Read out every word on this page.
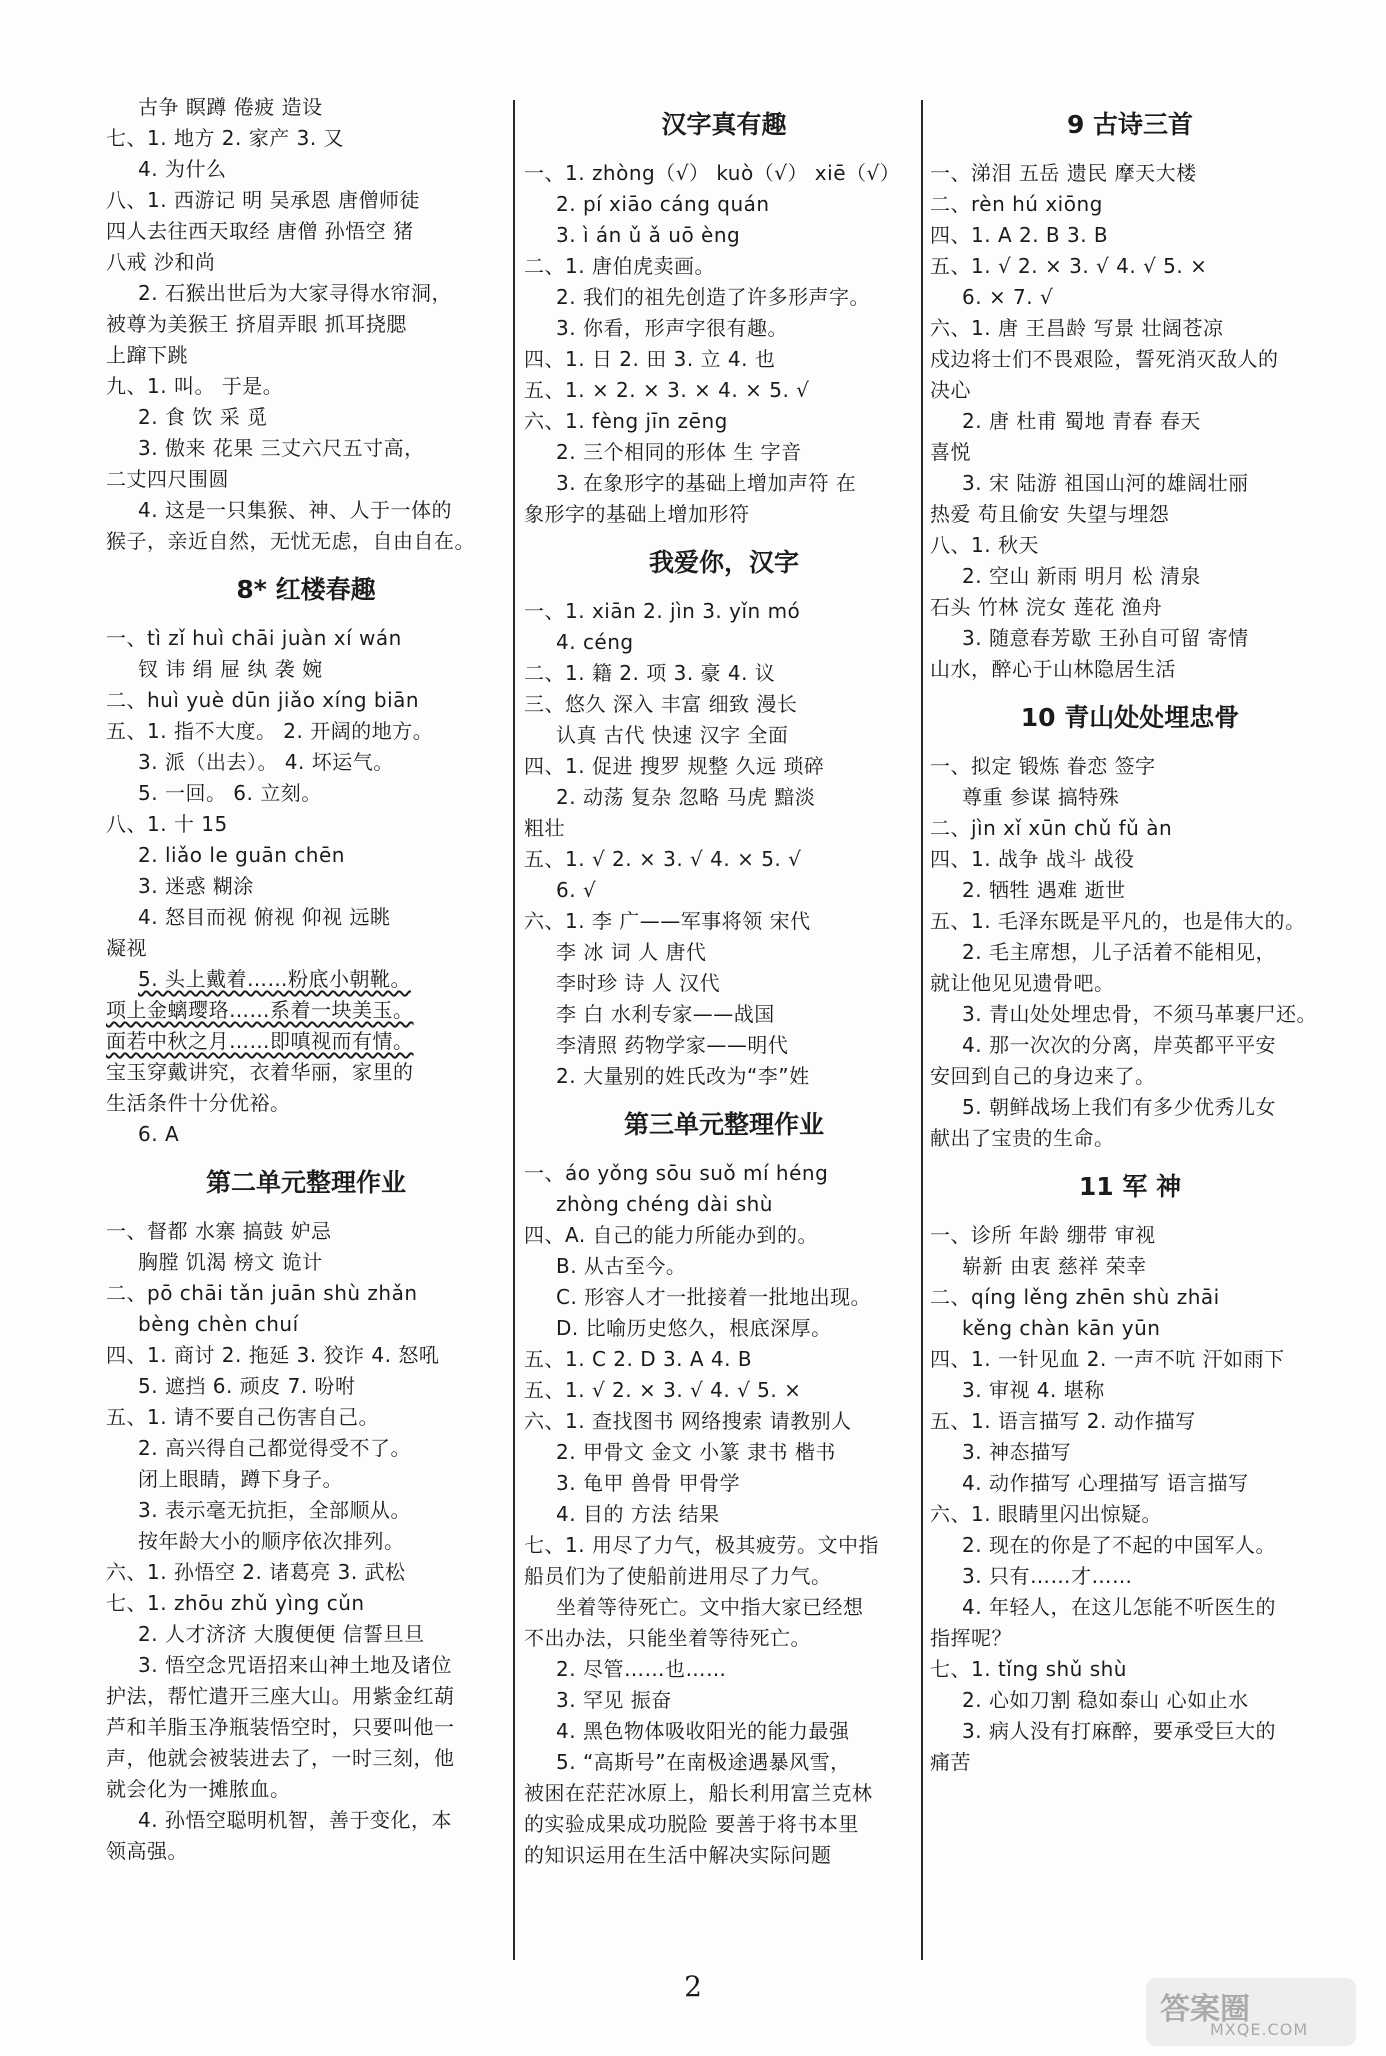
古争 瞑蹲 倦疲 造设
七、1. 地方 2. 家产 3. 又
4. 为什么
八、1. 西游记 明 吴承恩 唐僧师徒
四人去往西天取经 唐僧 孙悟空 猪
八戒 沙和尚
2. 石猴出世后为大家寻得水帘洞，
被尊为美猴王 挤眉弄眼 抓耳挠腮
上蹿下跳
九、1. 叫。 于是。
2. 食 饮 采 觅
3. 傲来 花果 三丈六尺五寸高，
二丈四尺围圆
4. 这是一只集猴、神、人于一体的
猴子，亲近自然，无忧无虑，自由自在。
8* 红楼春趣
一、tì zǐ huì chāi juàn xí wán
钗 讳 绢 屉 纨 袭 婉
二、huì yuè dūn jiǎo xíng biān
五、1. 指不大度。 2. 开阔的地方。
3. 派（出去）。 4. 坏运气。
5. 一回。 6. 立刻。
八、1. 十 15
2. liǎo le guān chēn
3. 迷惑 糊涂
4. 怒目而视 俯视 仰视 远眺
凝视
5. 头上戴着……粉底小朝靴。
项上金螭璎珞……系着一块美玉。
面若中秋之月……即嗔视而有情。
宝玉穿戴讲究，衣着华丽，家里的
生活条件十分优裕。
6. A
第二单元整理作业
一、督都 水寨 搞鼓 妒忌
胸膛 饥渴 榜文 诡计
二、pō chāi tǎn juān shù zhǎn
bèng chèn chuí
四、1. 商讨 2. 拖延 3. 狡诈 4. 怒吼
5. 遮挡 6. 顽皮 7. 吩咐
五、1. 请不要自己伤害自己。
2. 高兴得自己都觉得受不了。
闭上眼睛，蹲下身子。
3. 表示毫无抗拒，全部顺从。
按年龄大小的顺序依次排列。
六、1. 孙悟空 2. 诸葛亮 3. 武松
七、1. zhōu zhǔ yìng cǔn
2. 人才济济 大腹便便 信誓旦旦
3. 悟空念咒语招来山神土地及诸位
护法，帮忙遣开三座大山。用紫金红葫
芦和羊脂玉净瓶装悟空时，只要叫他一
声，他就会被装进去了，一时三刻，他
就会化为一摊脓血。
4. 孙悟空聪明机智，善于变化，本
领高强。
汉字真有趣
一、1. zhòng（√） kuò（√） xiē（√）
2. pí xiāo cáng quán
3. ì án ǔ ǎ uō èng
二、1. 唐伯虎卖画。
2. 我们的祖先创造了许多形声字。
3. 你看，形声字很有趣。
四、1. 日 2. 田 3. 立 4. 也
五、1. × 2. × 3. × 4. × 5. √
六、1. fèng jīn zēng
2. 三个相同的形体 生 字音
3. 在象形字的基础上增加声符 在
象形字的基础上增加形符
我爱你，汉字
一、1. xiān 2. jìn 3. yǐn mó
4. céng
二、1. 籍 2. 项 3. 豪 4. 议
三、悠久 深入 丰富 细致 漫长
认真 古代 快速 汉字 全面
四、1. 促进 搜罗 规整 久远 琐碎
2. 动荡 复杂 忽略 马虎 黯淡
粗壮
五、1. √ 2. × 3. √ 4. × 5. √
6. √
六、1. 李 广——军事将领 宋代
李 冰 词 人 唐代
李时珍 诗 人 汉代
李 白 水利专家——战国
李清照 药物学家——明代
2. 大量别的姓氏改为“李”姓
第三单元整理作业
一、áo yǒng sōu suǒ mí héng
zhòng chéng dài shù
四、A. 自己的能力所能办到的。
B. 从古至今。
C. 形容人才一批接着一批地出现。
D. 比喻历史悠久，根底深厚。
五、1. C 2. D 3. A 4. B
五、1. √ 2. × 3. √ 4. √ 5. ×
六、1. 查找图书 网络搜索 请教别人
2. 甲骨文 金文 小篆 隶书 楷书
3. 龟甲 兽骨 甲骨学
4. 目的 方法 结果
七、1. 用尽了力气，极其疲劳。文中指
船员们为了使船前进用尽了力气。
坐着等待死亡。文中指大家已经想
不出办法，只能坐着等待死亡。
2. 尽管……也……
3. 罕见 振奋
4. 黑色物体吸收阳光的能力最强
5. “高斯号”在南极途遇暴风雪，
被困在茫茫冰原上，船长利用富兰克林
的实验成果成功脱险 要善于将书本里
的知识运用在生活中解决实际问题
9 古诗三首
一、涕泪 五岳 遗民 摩天大楼
二、rèn hú xiōng
四、1. A 2. B 3. B
五、1. √ 2. × 3. √ 4. √ 5. ×
6. × 7. √
六、1. 唐 王昌龄 写景 壮阔苍凉
戍边将士们不畏艰险，誓死消灭敌人的
决心
2. 唐 杜甫 蜀地 青春 春天
喜悦
3. 宋 陆游 祖国山河的雄阔壮丽
热爱 苟且偷安 失望与埋怨
八、1. 秋天
2. 空山 新雨 明月 松 清泉
石头 竹林 浣女 莲花 渔舟
3. 随意春芳歇 王孙自可留 寄情
山水，醉心于山林隐居生活
10 青山处处埋忠骨
一、拟定 锻炼 眷恋 签字
尊重 参谋 搞特殊
二、jìn xǐ xūn chǔ fǔ àn
四、1. 战争 战斗 战役
2. 牺牲 遇难 逝世
五、1. 毛泽东既是平凡的，也是伟大的。
2. 毛主席想，儿子活着不能相见，
就让他见见遗骨吧。
3. 青山处处埋忠骨，不须马革裹尸还。
4. 那一次次的分离，岸英都平平安
安回到自己的身边来了。
5. 朝鲜战场上我们有多少优秀儿女
献出了宝贵的生命。
11 军 神
一、诊所 年龄 绷带 审视
崭新 由衷 慈祥 荣幸
二、qíng lěng zhēn shù zhāi
kěng chàn kān yūn
四、1. 一针见血 2. 一声不吭 汗如雨下
3. 审视 4. 堪称
五、1. 语言描写 2. 动作描写
3. 神态描写
4. 动作描写 心理描写 语言描写
六、1. 眼睛里闪出惊疑。
2. 现在的你是了不起的中国军人。
3. 只有……才……
4. 年轻人，在这儿怎能不听医生的
指挥呢？
七、1. tǐng shǔ shù
2. 心如刀割 稳如泰山 心如止水
3. 病人没有打麻醉，要承受巨大的
痛苦
2
答案圈
MXQE.COM
